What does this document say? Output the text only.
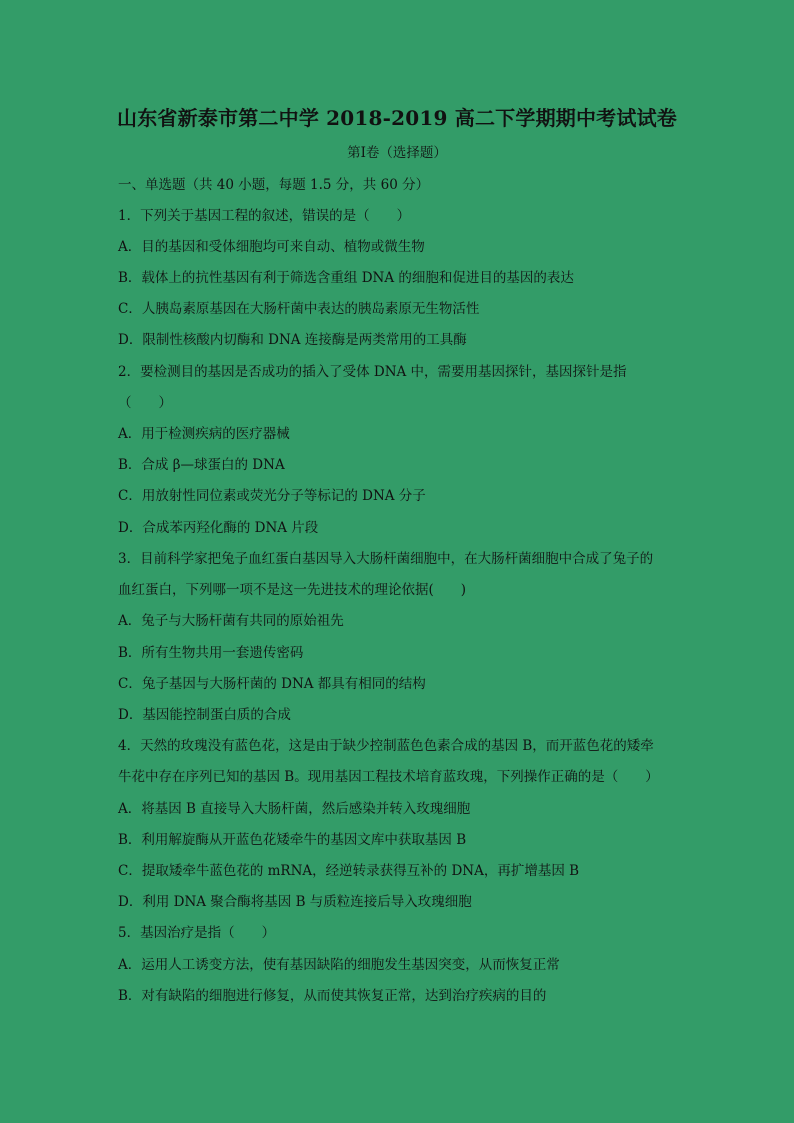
山东省新泰市第二中学 2018-2019 高二下学期期中考试试卷
第Ⅰ卷（选择题）
一、单选题（共 40 小题，每题 1.5 分，共 60 分）
1．下列关于基因工程的叙述，错误的是（　　）
A．目的基因和受体细胞均可来自动、植物或微生物
B．载体上的抗性基因有利于筛选含重组 DNA 的细胞和促进目的基因的表达
C．人胰岛素原基因在大肠杆菌中表达的胰岛素原无生物活性
D．限制性核酸内切酶和 DNA 连接酶是两类常用的工具酶
2．要检测目的基因是否成功的插入了受体 DNA 中，需要用基因探针，基因探针是指
（　　）
A．用于检测疾病的医疗器械
B．合成 β—球蛋白的 DNA
C．用放射性同位素或荧光分子等标记的 DNA 分子
D．合成苯丙羟化酶的 DNA 片段
3．目前科学家把兔子血红蛋白基因导入大肠杆菌细胞中，在大肠杆菌细胞中合成了兔子的
血红蛋白，下列哪一项不是这一先进技术的理论依据(　　)
A．兔子与大肠杆菌有共同的原始祖先
B．所有生物共用一套遗传密码
C．兔子基因与大肠杆菌的 DNA 都具有相同的结构
D．基因能控制蛋白质的合成
4．天然的玫瑰没有蓝色花，这是由于缺少控制蓝色色素合成的基因 B，而开蓝色花的矮牵
牛花中存在序列已知的基因 B。现用基因工程技术培育蓝玫瑰，下列操作正确的是（　　）
A．将基因 B 直接导入大肠杆菌，然后感染并转入玫瑰细胞
B．利用解旋酶从开蓝色花矮牵牛的基因文库中获取基因 B
C．提取矮牵牛蓝色花的 mRNA，经逆转录获得互补的 DNA，再扩增基因 B
D．利用 DNA 聚合酶将基因 B 与质粒连接后导入玫瑰细胞
5．基因治疗是指（　　）
A．运用人工诱变方法，使有基因缺陷的细胞发生基因突变，从而恢复正常
B．对有缺陷的细胞进行修复，从而使其恢复正常，达到治疗疾病的目的
